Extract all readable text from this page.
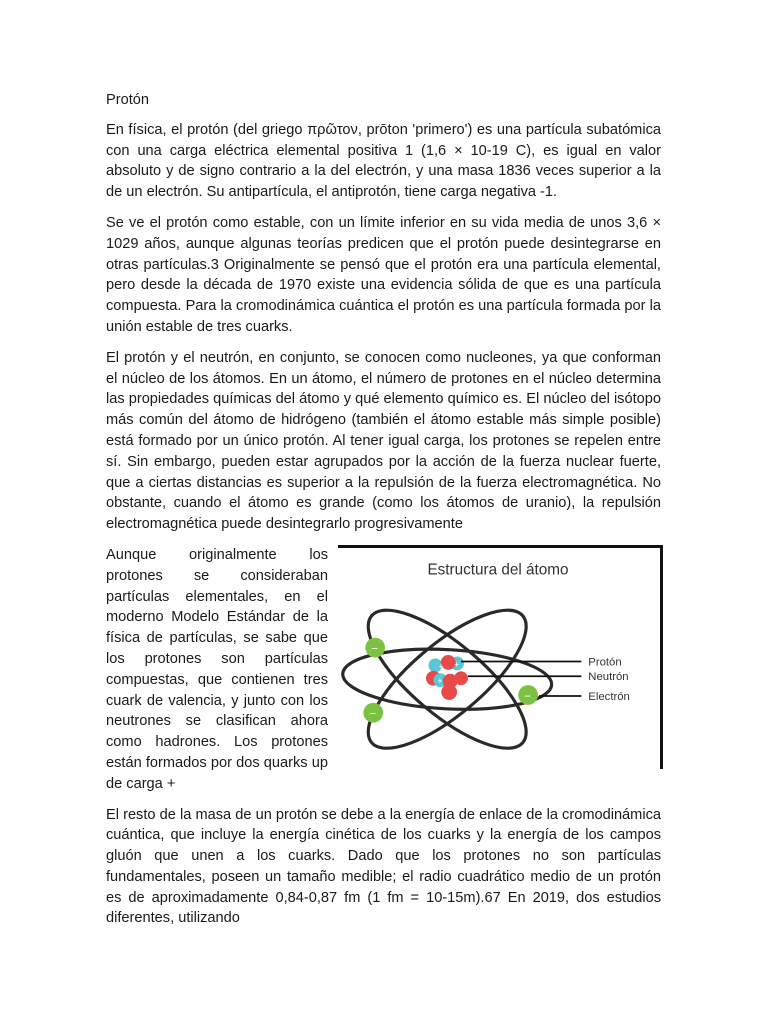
Protón

En física, el protón (del griego πρῶτον, prōton 'primero') es una partícula subatómica con una carga eléctrica elemental positiva 1 (1,6 × 10-19 C), es igual en valor absoluto y de signo contrario a la del electrón, y una masa 1836 veces superior a la de un electrón. Su antipartícula, el antiprotón, tiene carga negativa -1.

Se ve el protón como estable, con un límite inferior en su vida media de unos 3,6 × 1029 años, aunque algunas teorías predicen que el protón puede desintegrarse en otras partículas.3 Originalmente se pensó que el protón era una partícula elemental, pero desde la década de 1970 existe una evidencia sólida de que es una partícula compuesta. Para la cromodinámica cuántica el protón es una partícula formada por la unión estable de tres cuarks.

El protón y el neutrón, en conjunto, se conocen como nucleones, ya que conforman el núcleo de los átomos. En un átomo, el número de protones en el núcleo determina las propiedades químicas del átomo y qué elemento químico es. El núcleo del isótopo más común del átomo de hidrógeno (también el átomo estable más simple posible) está formado por un único protón. Al tener igual carga, los protones se repelen entre sí. Sin embargo, pueden estar agrupados por la acción de la fuerza nuclear fuerte, que a ciertas distancias es superior a la repulsión de la fuerza electromagnética. No obstante, cuando el átomo es grande (como los átomos de uranio), la repulsión electromagnética puede desintegrarlo progresivamente

Estructura del átomo
+ +
+
−
−
−
Protón
Neutrón
Electrón

Aunque originalmente los protones se consideraban partículas elementales, en el moderno Modelo Estándar de la física de partículas, se sabe que los protones son partículas compuestas, que contienen tres cuark de valencia, y junto con los neutrones se clasifican ahora como hadrones. Los protones están formados por dos quarks up de carga +

El resto de la masa de un protón se debe a la energía de enlace de la cromodinámica cuántica, que incluye la energía cinética de los cuarks y la energía de los campos gluón que unen a los cuarks. Dado que los protones no son partículas fundamentales, poseen un tamaño medible; el radio cuadrático medio de un protón es de aproximadamente 0,84-0,87 fm (1 fm = 10-15m).67 En 2019, dos estudios diferentes, utilizando
